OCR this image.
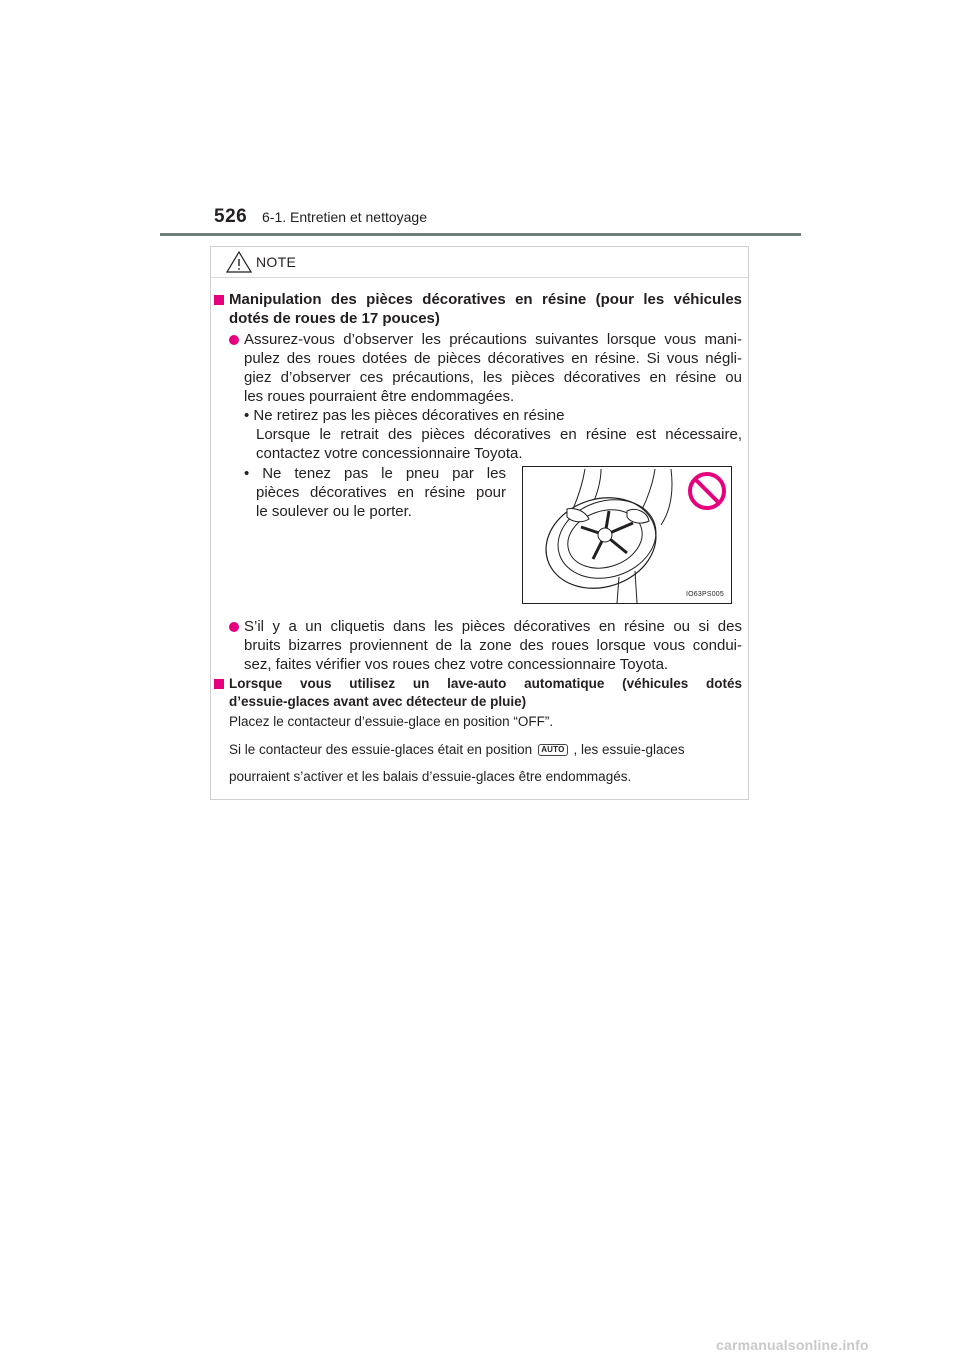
526 6-1. Entretien et nettoyage
NOTE
Manipulation des pièces décoratives en résine (pour les véhicules
dotés de roues de 17 pouces)
Assurez-vous d’observer les précautions suivantes lorsque vous mani-
pulez des roues dotées de pièces décoratives en résine. Si vous négli-
giez d’observer ces précautions, les pièces décoratives en résine ou
les roues pourraient être endommagées.
• Ne retirez pas les pièces décoratives en résine
Lorsque le retrait des pièces décoratives en résine est nécessaire,
contactez votre concessionnaire Toyota.
• Ne tenez pas le pneu par les
pièces décoratives en résine pour
le soulever ou le porter.
IO63PS005
S’il y a un cliquetis dans les pièces décoratives en résine ou si des
bruits bizarres proviennent de la zone des roues lorsque vous condui-
sez, faites vérifier vos roues chez votre concessionnaire Toyota.
Lorsque vous utilisez un lave-auto automatique (véhicules dotés
d’essuie-glaces avant avec détecteur de pluie)
Placez le contacteur d’essuie-glace en position “OFF”.
Si le contacteur des essuie-glaces était en position AUTO , les essuie-glaces
pourraient s’activer et les balais d’essuie-glaces être endommagés.
carmanualsonline.info
